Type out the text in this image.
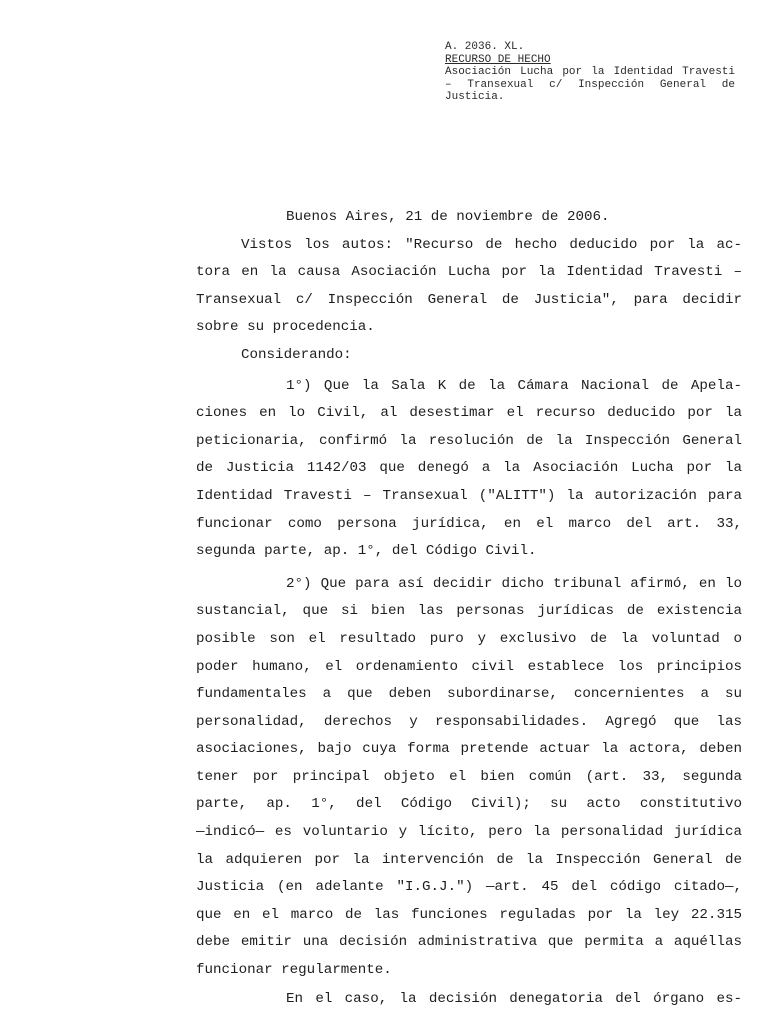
A. 2036. XL.
RECURSO DE HECHO
Asociación Lucha por la Identidad Travesti
– Transexual c/ Inspección General de
Justicia.
Buenos Aires, 21 de noviembre de 2006.
Vistos los autos: "Recurso de hecho deducido por la ac-
tora en la causa Asociación Lucha por la Identidad Travesti –
Transexual c/ Inspección General de Justicia", para decidir
sobre su procedencia.
Considerando:
1°) Que la Sala K de la Cámara Nacional de Apela-
ciones en lo Civil, al desestimar el recurso deducido por la
peticionaria, confirmó la resolución de la Inspección General
de Justicia 1142/03 que denegó a la Asociación Lucha por la
Identidad Travesti – Transexual ("ALITT") la autorización para
funcionar como persona jurídica, en el marco del art. 33,
segunda parte, ap. 1°, del Código Civil.
2°) Que para así decidir dicho tribunal afirmó, en lo
sustancial, que si bien las personas jurídicas de existencia
posible son el resultado puro y exclusivo de la voluntad o
poder humano, el ordenamiento civil establece los principios
fundamentales a que deben subordinarse, concernientes a su
personalidad, derechos y responsabilidades. Agregó que las
asociaciones, bajo cuya forma pretende actuar la actora, deben
tener por principal objeto el bien común (art. 33, segunda
parte, ap. 1°, del Código Civil); su acto constitutivo
—indicó— es voluntario y lícito, pero la personalidad jurídica
la adquieren por la intervención de la Inspección General de
Justicia (en adelante "I.G.J.") —art. 45 del código citado—,
que en el marco de las funciones reguladas por la ley 22.315
debe emitir una decisión administrativa que permita a aquéllas
funcionar regularmente.
En el caso, la decisión denegatoria del órgano es-
